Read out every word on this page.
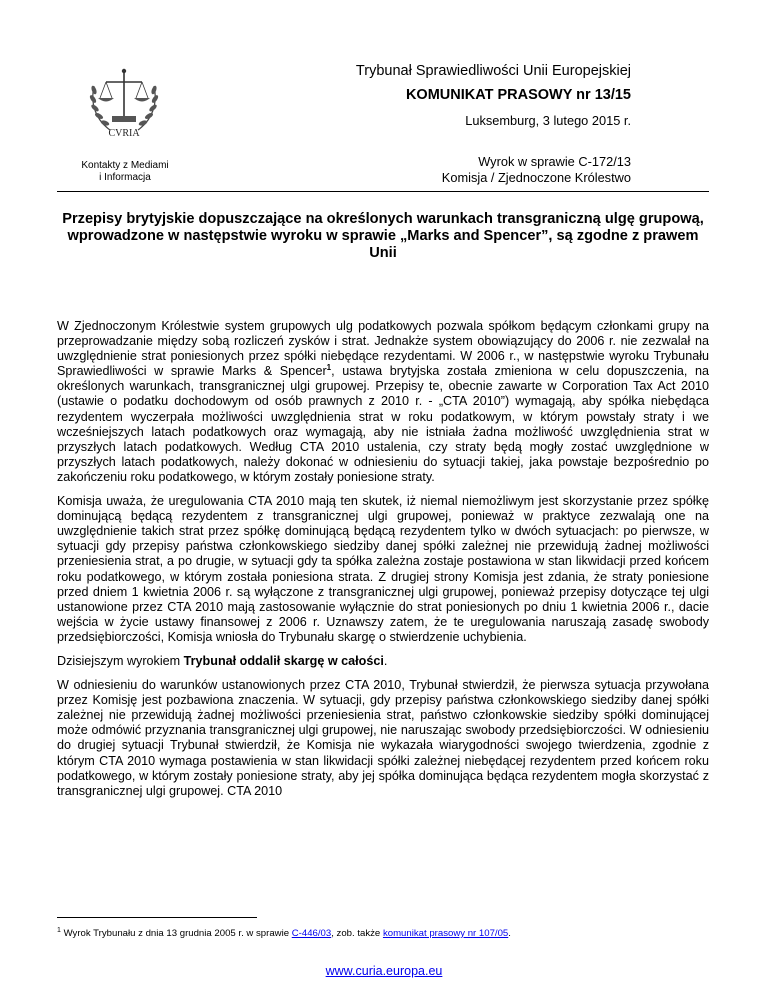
CVRIA
Kontakty z Mediami
i Informacja
Trybunał Sprawiedliwości Unii Europejskiej
KOMUNIKAT PRASOWY nr 13/15
Luksemburg, 3 lutego 2015 r.
Wyrok w sprawie C-172/13
Komisja / Zjednoczone Królestwo
Przepisy brytyjskie dopuszczające na określonych warunkach transgraniczną ulgę grupową, wprowadzone w następstwie wyroku w sprawie „Marks and Spencer”, są zgodne z prawem Unii

W Zjednoczonym Królestwie system grupowych ulg podatkowych pozwala spółkom będącym członkami grupy na przeprowadzanie między sobą rozliczeń zysków i strat. Jednakże system obowiązujący do 2006 r. nie zezwalał na uwzględnienie strat poniesionych przez spółki niebędące rezydentami. W 2006 r., w następstwie wyroku Trybunału Sprawiedliwości w sprawie Marks & Spencer$^1$, ustawa brytyjska została zmieniona w celu dopuszczenia, na określonych warunkach, transgranicznej ulgi grupowej. Przepisy te, obecnie zawarte w Corporation Tax Act 2010 (ustawie o podatku dochodowym od osób prawnych z 2010 r. - „CTA 2010”) wymagają, aby spółka niebędąca rezydentem wyczerpała możliwości uwzględnienia strat w roku podatkowym, w którym powstały straty i we wcześniejszych latach podatkowych oraz wymagają, aby nie istniała żadna możliwość uwzględnienia strat w przyszłych latach podatkowych. Według CTA 2010 ustalenia, czy straty będą mogły zostać uwzględnione w przyszłych latach podatkowych, należy dokonać w odniesieniu do sytuacji takiej, jaka powstaje bezpośrednio po zakończeniu roku podatkowego, w którym zostały poniesione straty.

Komisja uważa, że uregulowania CTA 2010 mają ten skutek, iż niemal niemożliwym jest skorzystanie przez spółkę dominującą będącą rezydentem z transgranicznej ulgi grupowej, ponieważ w praktyce zezwalają one na uwzględnienie takich strat przez spółkę dominującą będącą rezydentem tylko w dwóch sytuacjach: po pierwsze, w sytuacji gdy przepisy państwa członkowskiego siedziby danej spółki zależnej nie przewidują żadnej możliwości przeniesienia strat, a po drugie, w sytuacji gdy ta spółka zależna zostaje postawiona w stan likwidacji przed końcem roku podatkowego, w którym została poniesiona strata. Z drugiej strony Komisja jest zdania, że straty poniesione przed dniem 1 kwietnia 2006 r. są wyłączone z transgranicznej ulgi grupowej, ponieważ przepisy dotyczące tej ulgi ustanowione przez CTA 2010 mają zastosowanie wyłącznie do strat poniesionych po dniu 1 kwietnia 2006 r., dacie wejścia w życie ustawy finansowej z 2006 r. Uznawszy zatem, że te uregulowania naruszają zasadę swobody przedsiębiorczości, Komisja wniosła do Trybunału skargę o stwierdzenie uchybienia.

Dzisiejszym wyrokiem Trybunał oddalił skargę w całości.

W odniesieniu do warunków ustanowionych przez CTA 2010, Trybunał stwierdził, że pierwsza sytuacja przywołana przez Komisję jest pozbawiona znaczenia. W sytuacji, gdy przepisy państwa członkowskiego siedziby danej spółki zależnej nie przewidują żadnej możliwości przeniesienia strat, państwo członkowskie siedziby spółki dominującej może odmówić przyznania transgranicznej ulgi grupowej, nie naruszając swobody przedsiębiorczości. W odniesieniu do drugiej sytuacji Trybunał stwierdził, że Komisja nie wykazała wiarygodności swojego twierdzenia, zgodnie z którym CTA 2010 wymaga postawienia w stan likwidacji spółki zależnej niebędącej rezydentem przed końcem roku podatkowego, w którym zostały poniesione straty, aby jej spółka dominująca będąca rezydentem mogła skorzystać z transgranicznej ulgi grupowej. CTA 2010

$^1$ Wyrok Trybunału z dnia 13 grudnia 2005 r. w sprawie C-446/03, zob. także komunikat prasowy nr 107/05.
www.curia.europa.eu
